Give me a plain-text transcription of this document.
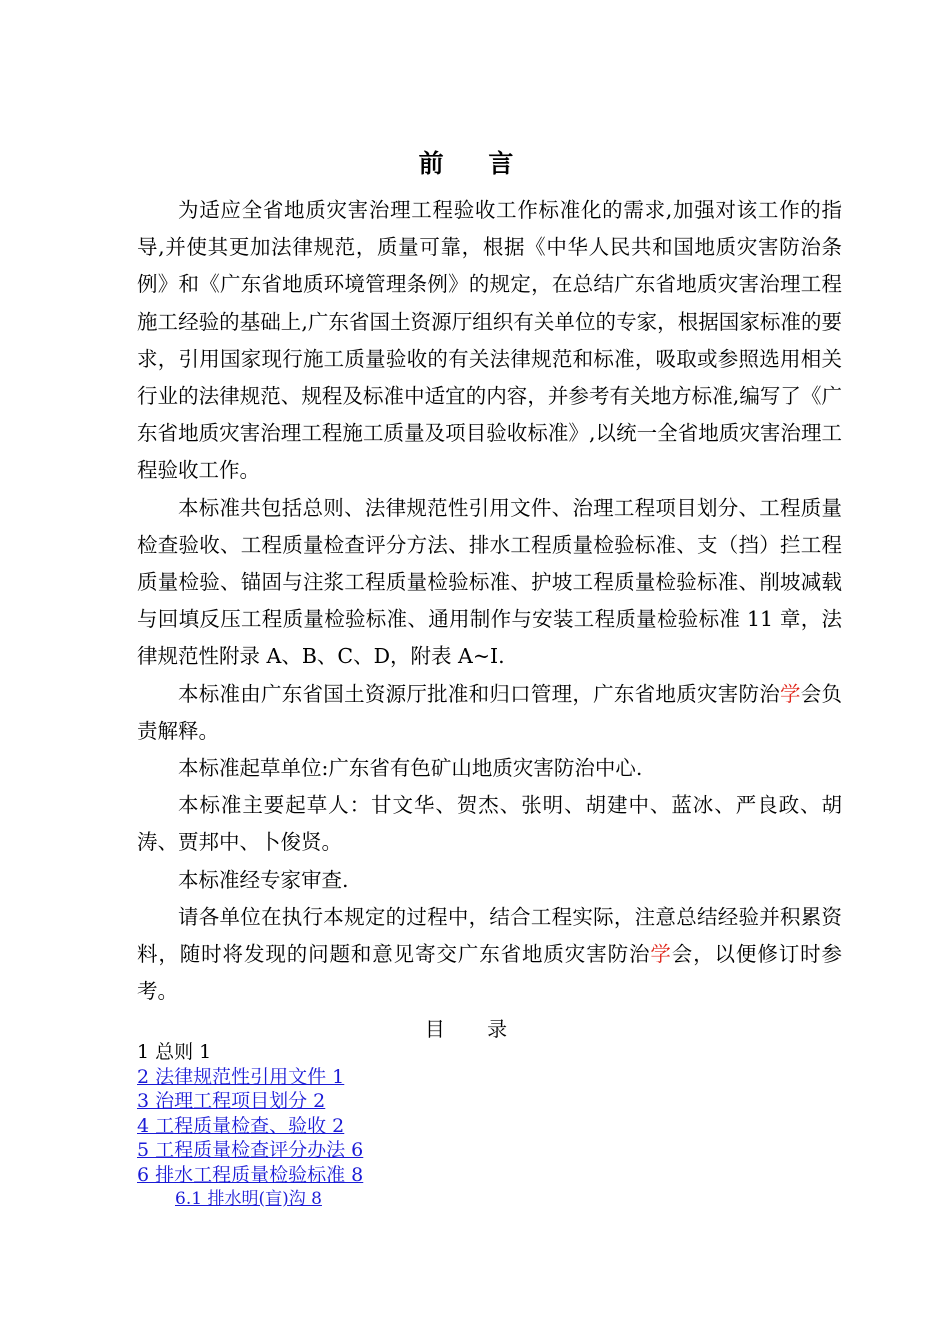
前 言

为适应全省地质灾害治理工程验收工作标准化的需求,加强对该工作的指导,并使其更加法律规范，质量可靠，根据《中华人民共和国地质灾害防治条例》和《广东省地质环境管理条例》的规定，在总结广东省地质灾害治理工程施工经验的基础上,广东省国土资源厅组织有关单位的专家，根据国家标准的要求，引用国家现行施工质量验收的有关法律规范和标准，吸取或参照选用相关行业的法律规范、规程及标准中适宜的内容，并参考有关地方标准,编写了《广东省地质灾害治理工程施工质量及项目验收标准》,以统一全省地质灾害治理工程验收工作。

本标准共包括总则、法律规范性引用文件、治理工程项目划分、工程质量检查验收、工程质量检查评分方法、排水工程质量检验标准、支（挡）拦工程质量检验、锚固与注浆工程质量检验标准、护坡工程质量检验标准、削坡减载与回填反压工程质量检验标准、通用制作与安装工程质量检验标准 11 章，法律规范性附录 A、B、C、D，附表 A~I.

本标准由广东省国土资源厅批准和归口管理，广东省地质灾害防治学会负责解释。

本标准起草单位:广东省有色矿山地质灾害防治中心.

本标准主要起草人：甘文华、贺杰、张明、胡建中、蓝冰、严良政、胡涛、贾邦中、卜俊贤。

本标准经专家审查.

请各单位在执行本规定的过程中，结合工程实际，注意总结经验并积累资料，随时将发现的问题和意见寄交广东省地质灾害防治学会，以便修订时参考。

目 录
1 总则 1
2 法律规范性引用文件 1
3 治理工程项目划分 2
4 工程质量检查、验收 2
5 工程质量检查评分办法 6
6 排水工程质量检验标准 8
6.1 排水明(盲)沟 8
